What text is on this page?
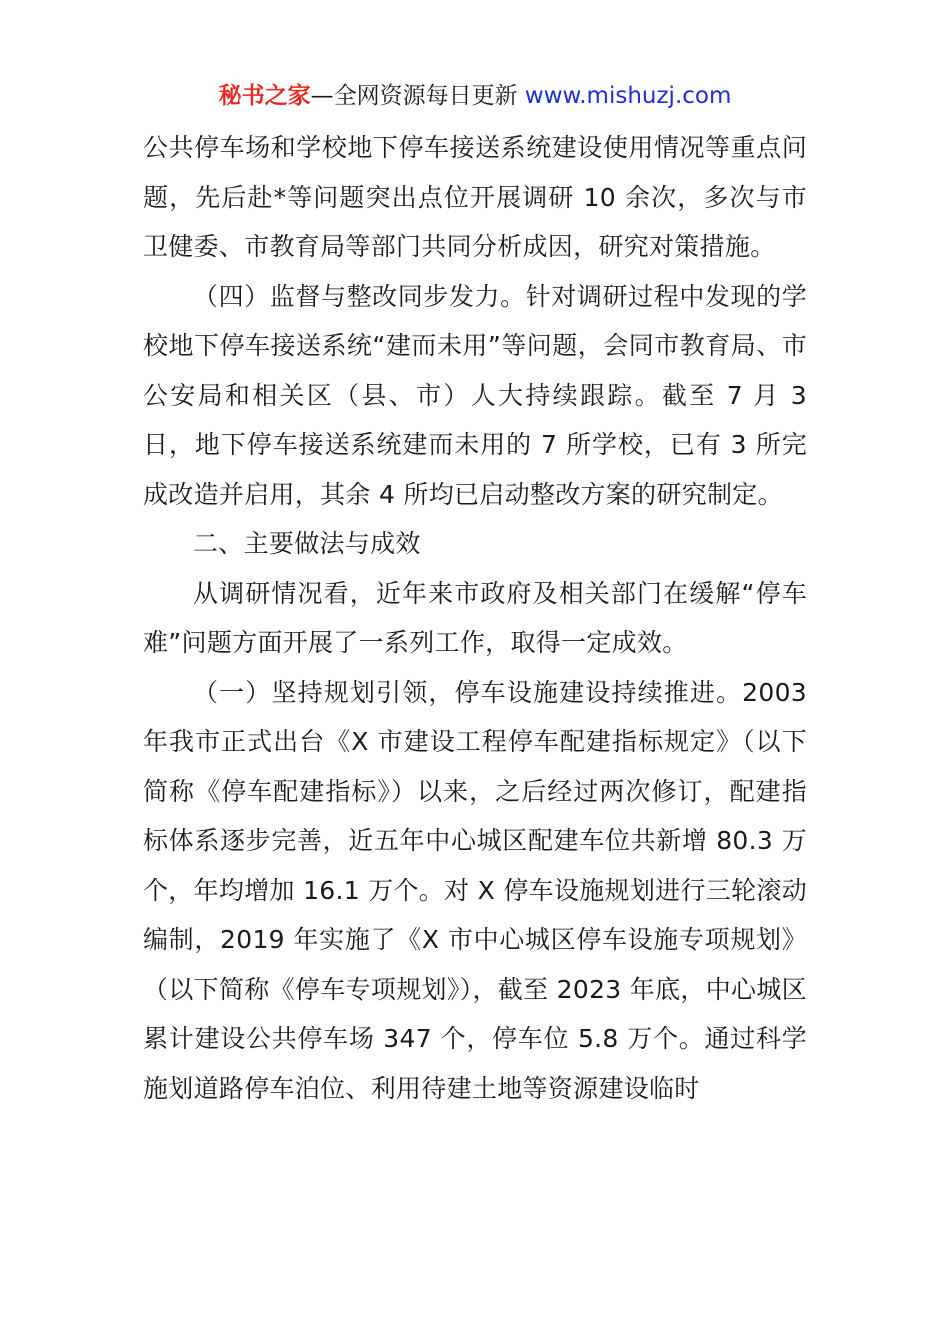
秘书之家—全网资源每日更新 www.mishuzj.com

公共停车场和学校地下停车接送系统建设使用情况等重点问题，先后赴*等问题突出点位开展调研 10 余次，多次与市卫健委、市教育局等部门共同分析成因，研究对策措施。

（四）监督与整改同步发力。针对调研过程中发现的学校地下停车接送系统“建而未用”等问题，会同市教育局、市公安局和相关区（县、市）人大持续跟踪。截至 7 月 3 日，地下停车接送系统建而未用的 7 所学校，已有 3 所完成改造并启用，其余 4 所均已启动整改方案的研究制定。

二、主要做法与成效

从调研情况看，近年来市政府及相关部门在缓解“停车难”问题方面开展了一系列工作，取得一定成效。

（一）坚持规划引领，停车设施建设持续推进。2003 年我市正式出台《X 市建设工程停车配建指标规定》（以下简称《停车配建指标》）以来，之后经过两次修订，配建指标体系逐步完善，近五年中心城区配建车位共新增 80.3 万个，年均增加 16.1 万个。对 X 停车设施规划进行三轮滚动编制，2019 年实施了《X 市中心城区停车设施专项规划》（以下简称《停车专项规划》），截至 2023 年底，中心城区累计建设公共停车场 347 个，停车位 5.8 万个。通过科学施划道路停车泊位、利用待建土地等资源建设临时
